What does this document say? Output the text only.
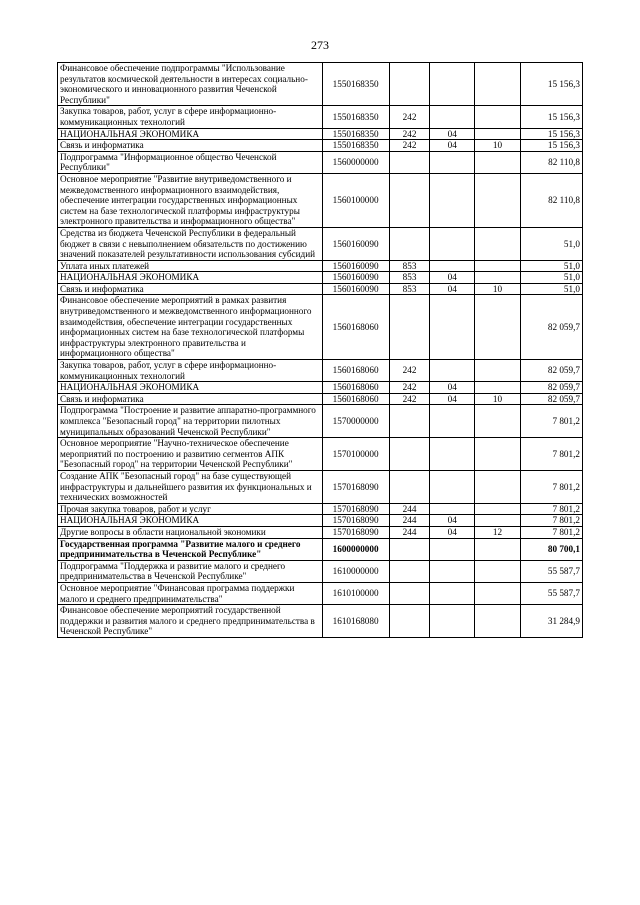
273
Финансовое обеспечение подпрограммы "Использование результатов космической деятельности в интересах социально-экономического и инновационного развития Чеченской Республики"	1550168350				15 156,3
Закупка товаров, работ, услуг в сфере информационно-коммуникационных технологий	1550168350	242			15 156,3
НАЦИОНАЛЬНАЯ ЭКОНОМИКА	1550168350	242	04		15 156,3
Связь и информатика	1550168350	242	04	10	15 156,3
Подпрограмма "Информационное общество Чеченской Республики"	1560000000				82 110,8
Основное мероприятие "Развитие внутриведомственного и межведомственного информационного взаимодействия, обеспечение интеграции государственных информационных систем на базе технологической платформы инфраструктуры электронного правительства и информационного общества"	1560100000				82 110,8
Средства из бюджета Чеченской Республики в федеральный бюджет в связи с невыполнением обязательств по достижению значений показателей результативности использования субсидий	1560160090				51,0
Уплата иных платежей	1560160090	853			51,0
НАЦИОНАЛЬНАЯ ЭКОНОМИКА	1560160090	853	04		51,0
Связь и информатика	1560160090	853	04	10	51,0
Финансовое обеспечение мероприятий в рамках развития внутриведомственного и межведомственного информационного взаимодействия, обеспечение интеграции государственных информационных систем на базе технологической платформы инфраструктуры электронного правительства и информационного общества"	1560168060				82 059,7
Закупка товаров, работ, услуг в сфере информационно-коммуникационных технологий	1560168060	242			82 059,7
НАЦИОНАЛЬНАЯ ЭКОНОМИКА	1560168060	242	04		82 059,7
Связь и информатика	1560168060	242	04	10	82 059,7
Подпрограмма "Построение и развитие аппаратно-программного комплекса "Безопасный город" на территории пилотных муниципальных образований Чеченской Республики"	1570000000				7 801,2
Основное мероприятие "Научно-техническое обеспечение мероприятий по построению и развитию сегментов АПК "Безопасный город" на территории Чеченской Республики"	1570100000				7 801,2
Создание АПК "Безопасный город" на базе существующей инфраструктуры и дальнейшего развития их функциональных и технических возможностей	1570168090				7 801,2
Прочая закупка товаров, работ и услуг	1570168090	244			7 801,2
НАЦИОНАЛЬНАЯ ЭКОНОМИКА	1570168090	244	04		7 801,2
Другие вопросы в области национальной экономики	1570168090	244	04	12	7 801,2
Государственная программа "Развитие малого и среднего предпринимательства в Чеченской Республике"	1600000000				80 700,1
Подпрограмма "Поддержка и развитие малого и среднего предпринимательства в Чеченской Республике"	1610000000				55 587,7
Основное мероприятие "Финансовая программа поддержки малого и среднего предпринимательства"	1610100000				55 587,7
Финансовое обеспечение мероприятий государственной поддержки и развития малого и среднего предпринимательства в Чеченской Республике"	1610168080				31 284,9
